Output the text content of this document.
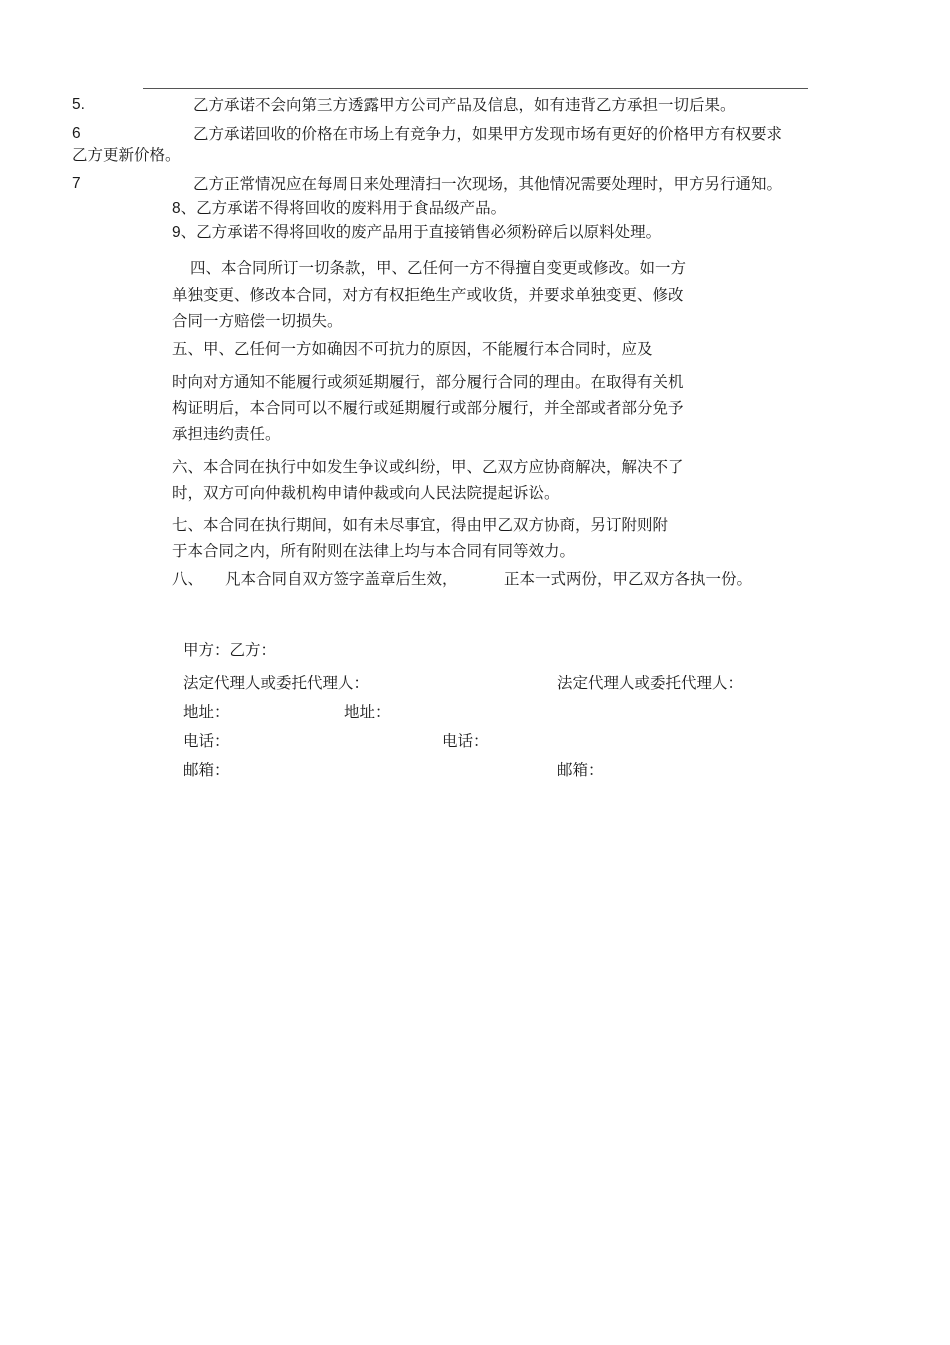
5.	乙方承诺不会向第三方透露甲方公司产品及信息，如有违背乙方承担一切后果。
6	乙方承诺回收的价格在市场上有竞争力，如果甲方发现市场有更好的价格甲方有权要求
乙方更新价格。
7	乙方正常情况应在每周日来处理清扫一次现场，其他情况需要处理时，甲方另行通知。
8、乙方承诺不得将回收的废料用于食品级产品。
9、乙方承诺不得将回收的废产品用于直接销售必须粉碎后以原料处理。
四、本合同所订一切条款，甲、乙任何一方不得擅自变更或修改。如一方
单独变更、修改本合同，对方有权拒绝生产或收货，并要求单独变更、修改
合同一方赔偿一切损失。
五、甲、乙任何一方如确因不可抗力的原因，不能履行本合同时，应及
时向对方通知不能履行或须延期履行，部分履行合同的理由。在取得有关机
构证明后，本合同可以不履行或延期履行或部分履行，并全部或者部分免予
承担违约责任。
六、本合同在执行中如发生争议或纠纷，甲、乙双方应协商解决，解决不了
时，双方可向仲裁机构申请仲裁或向人民法院提起诉讼。
七、本合同在执行期间，如有未尽事宜，得由甲乙双方协商，另订附则附
于本合同之内，所有附则在法律上均与本合同有同等效力。
八、 凡本合同自双方签字盖章后生效，	正本一式两份，甲乙双方各执一份。
甲方：乙方：
法定代理人或委托代理人：	法定代理人或委托代理人：
地址：	地址：
电话：	电话：
邮箱：	邮箱：
